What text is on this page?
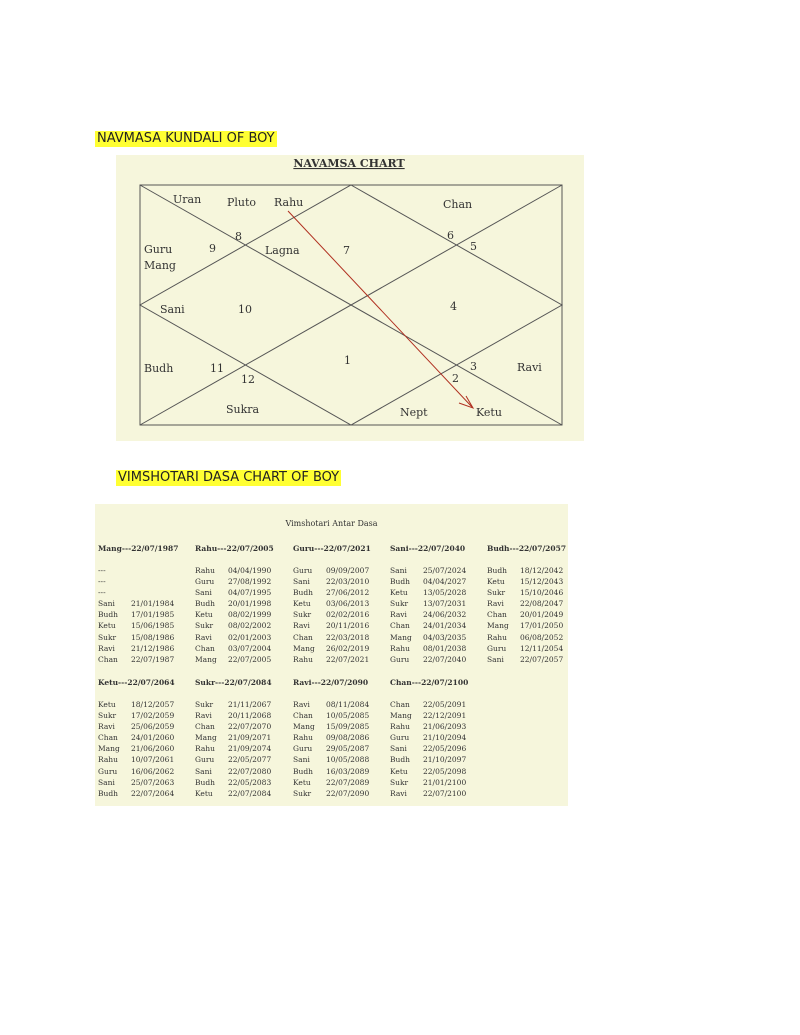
NAVMASA KUNDALI OF BOY
NAVAMSA CHART
Uran Pluto Rahu	Chan
Guru
Mang
Lagna
Sani
Budh	Ravi
Sukra	Nept	Ketu
1
2
3
4
5
6
7
8
9
10
11
12
VIMSHOTARI DASA CHART OF BOY
Vimshotari Antar Dasa
Mang---22/07/1987
---
---
---
Sani 21/01/1984
Budh 17/01/1985
Ketu 15/06/1985
Sukr 15/08/1986
Ravi 21/12/1986
Chan 22/07/1987
Rahu---22/07/2005
Rahu 04/04/1990
Guru 27/08/1992
Sani 04/07/1995
Budh 20/01/1998
Ketu 08/02/1999
Sukr 08/02/2002
Ravi 02/01/2003
Chan 03/07/2004
Mang 22/07/2005
Guru---22/07/2021
Guru 09/09/2007
Sani 22/03/2010
Budh 27/06/2012
Ketu 03/06/2013
Sukr 02/02/2016
Ravi 20/11/2016
Chan 22/03/2018
Mang 26/02/2019
Rahu 22/07/2021
Sani---22/07/2040
Sani 25/07/2024
Budh 04/04/2027
Ketu 13/05/2028
Sukr 13/07/2031
Ravi 24/06/2032
Chan 24/01/2034
Mang 04/03/2035
Rahu 08/01/2038
Guru 22/07/2040
Budh---22/07/2057
Budh 18/12/2042
Ketu 15/12/2043
Sukr 15/10/2046
Ravi 22/08/2047
Chan 20/01/2049
Mang 17/01/2050
Rahu 06/08/2052
Guru 12/11/2054
Sani 22/07/2057
Ketu---22/07/2064
Ketu 18/12/2057
Sukr 17/02/2059
Ravi 25/06/2059
Chan 24/01/2060
Mang 21/06/2060
Rahu 10/07/2061
Guru 16/06/2062
Sani 25/07/2063
Budh 22/07/2064
Sukr---22/07/2084
Sukr 21/11/2067
Ravi 20/11/2068
Chan 22/07/2070
Mang 21/09/2071
Rahu 21/09/2074
Guru 22/05/2077
Sani 22/07/2080
Budh 22/05/2083
Ketu 22/07/2084
Ravi---22/07/2090
Ravi 08/11/2084
Chan 10/05/2085
Mang 15/09/2085
Rahu 09/08/2086
Guru 29/05/2087
Sani 10/05/2088
Budh 16/03/2089
Ketu 22/07/2089
Sukr 22/07/2090
Chan---22/07/2100
Chan 22/05/2091
Mang 22/12/2091
Rahu 21/06/2093
Guru 21/10/2094
Sani 22/05/2096
Budh 21/10/2097
Ketu 22/05/2098
Sukr 21/01/2100
Ravi 22/07/2100
